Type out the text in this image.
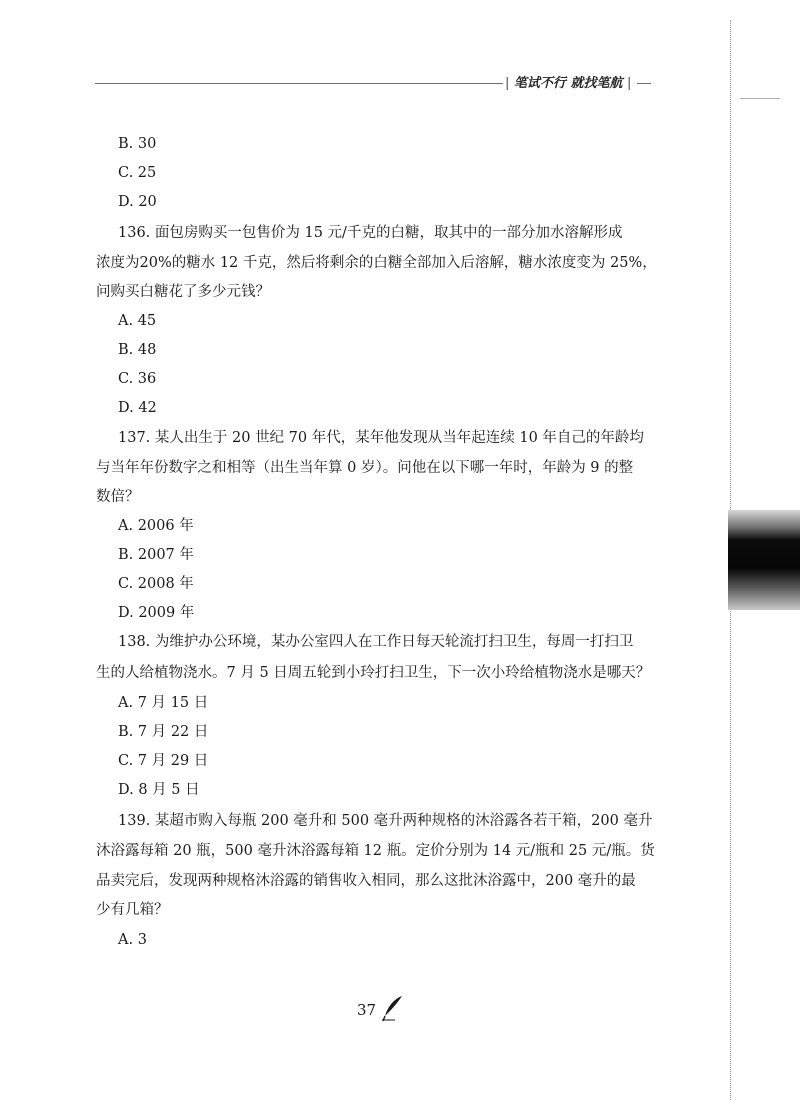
| 笔试不行 就找笔航 |
B. 30
C. 25
D. 20
136. 面包房购买一包售价为 15 元/千克的白糖，取其中的一部分加水溶解形成
浓度为20%的糖水 12 千克，然后将剩余的白糖全部加入后溶解，糖水浓度变为 25%，
问购买白糖花了多少元钱？
A. 45
B. 48
C. 36
D. 42
137. 某人出生于 20 世纪 70 年代，某年他发现从当年起连续 10 年自己的年龄均
与当年年份数字之和相等（出生当年算 0 岁）。问他在以下哪一年时，年龄为 9 的整
数倍？
A. 2006 年
B. 2007 年
C. 2008 年
D. 2009 年
138. 为维护办公环境，某办公室四人在工作日每天轮流打扫卫生，每周一打扫卫
生的人给植物浇水。7 月 5 日周五轮到小玲打扫卫生，下一次小玲给植物浇水是哪天？
A. 7 月 15 日
B. 7 月 22 日
C. 7 月 29 日
D. 8 月 5 日
139. 某超市购入每瓶 200 毫升和 500 毫升两种规格的沐浴露各若干箱，200 毫升
沐浴露每箱 20 瓶，500 毫升沐浴露每箱 12 瓶。定价分别为 14 元/瓶和 25 元/瓶。货
品卖完后，发现两种规格沐浴露的销售收入相同，那么这批沐浴露中，200 毫升的最
少有几箱？
A. 3
37
